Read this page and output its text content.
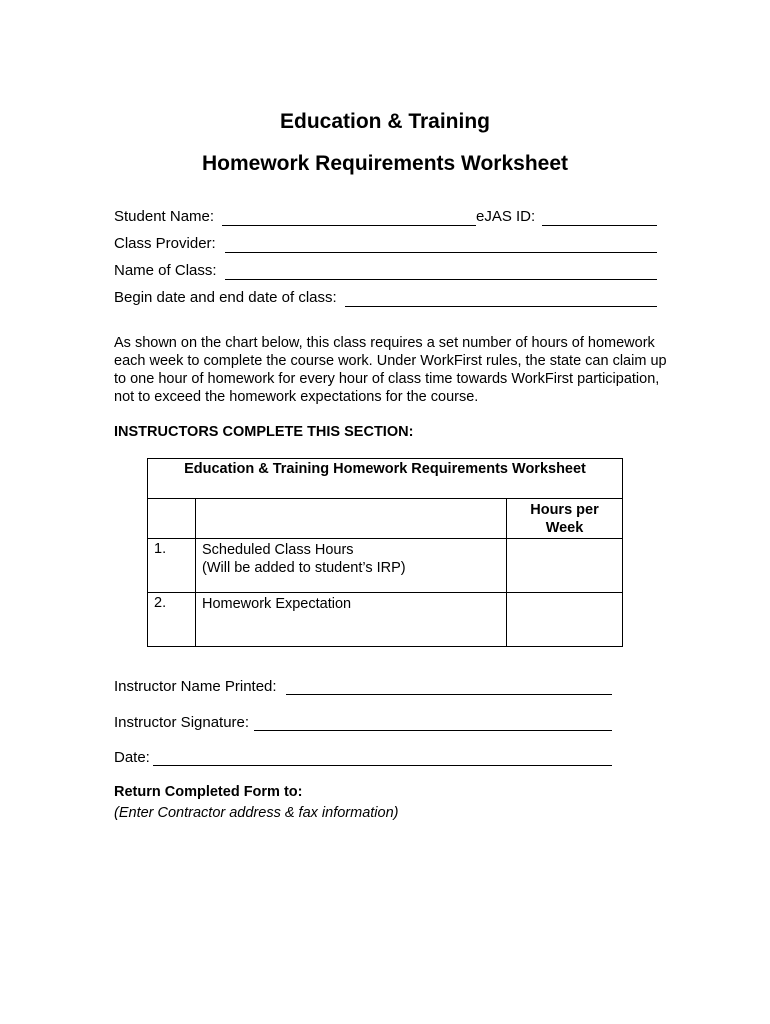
Education & Training
Homework Requirements Worksheet
Student Name:	eJAS ID:
Class Provider:
Name of Class:
Begin date and end date of class:
As shown on the chart below, this class requires a set number of hours of homework each week to complete the course work. Under WorkFirst rules, the state can claim up to one hour of homework for every hour of class time towards WorkFirst participation, not to exceed the homework expectations for the course.
INSTRUCTORS COMPLETE THIS SECTION:
Education & Training Homework Requirements Worksheet		
		Hours per
Week
1.	Scheduled Class Hours
(Will be added to student’s IRP)	
2.	Homework Expectation	
Instructor Name Printed:
Instructor Signature:
Date:
Return Completed Form to:
(Enter Contractor address & fax information)
